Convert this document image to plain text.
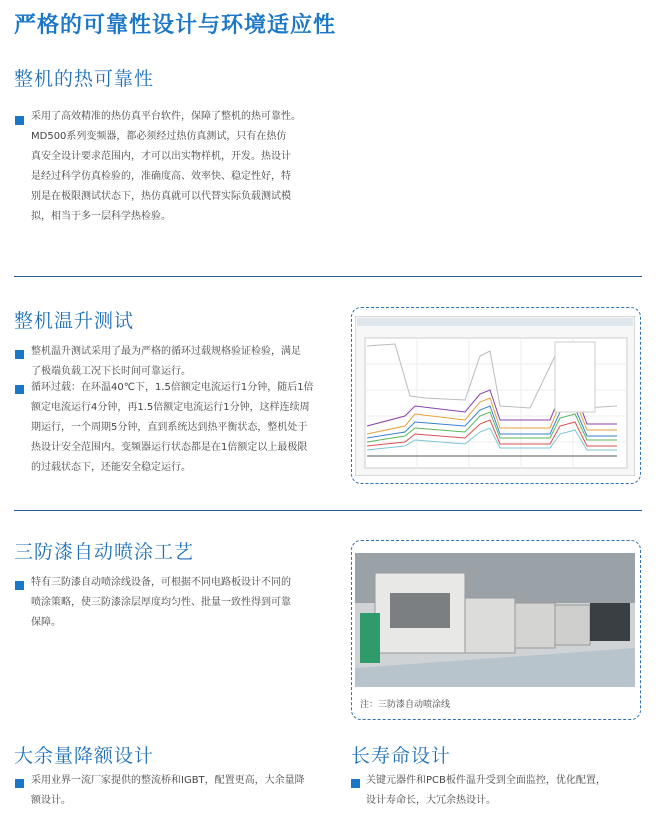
严格的可靠性设计与环境适应性
整机的热可靠性

采用了高效精准的热仿真平台软件，保障了整机的热可靠性。

MD500系列变频器，都必须经过热仿真测试，只有在热仿

真安全设计要求范围内，才可以出实物样机，开发。热设计

是经过科学仿真检验的，准确度高、效率快、稳定性好，特

别是在极限测试状态下，热仿真就可以代替实际负载测试模

拟，相当于多一层科学热检验。

整机温升测试

整机温升测试采用了最为严格的循环过载规格验证检验，满足

了极端负载工况下长时间可靠运行。

循环过载：在环温40℃下，1.5倍额定电流运行1分钟，随后1倍

额定电流运行4分钟，再1.5倍额定电流运行1分钟，这样连续周

期运行，一个周期5分钟，直到系统达到热平衡状态，整机处于

热设计安全范围内。变频器运行状态都是在1倍额定以上最极限

的过载状态下，还能安全稳定运行。

三防漆自动喷涂工艺

特有三防漆自动喷涂线设备，可根据不同电路板设计不同的

喷涂策略，使三防漆涂层厚度均匀性、批量一致性得到可靠

保障。

注：三防漆自动喷涂线
大余量降额设计

采用业界一流厂家提供的整流桥和IGBT，配置更高，大余量降

额设计。

长寿命设计

关键元器件和PCB板件温升受到全面监控，优化配置，

设计寿命长，大冗余热设计。
